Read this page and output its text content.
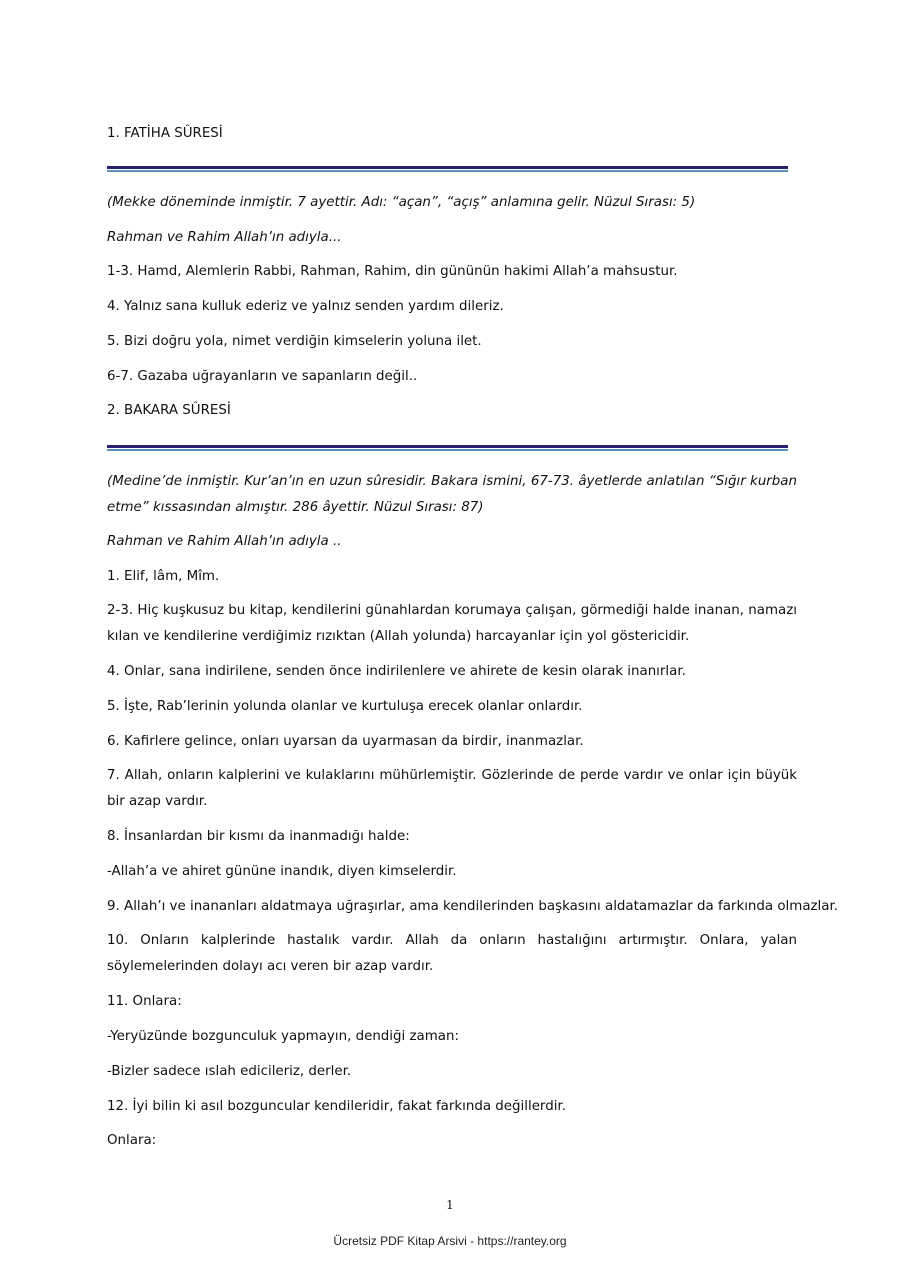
1. FATİHA SÛRESİ
(Mekke döneminde inmiştir. 7 ayettir. Adı: “açan”, “açış” anlamına gelir. Nüzul Sırası: 5)
Rahman ve Rahim Allah’ın adıyla...
1-3. Hamd, Alemlerin Rabbi, Rahman, Rahim, din gününün hakimi Allah’a mahsustur.
4. Yalnız sana kulluk ederiz ve yalnız senden yardım dileriz.
5. Bizi doğru yola, nimet verdiğin kimselerin yoluna ilet.
6-7. Gazaba uğrayanların ve sapanların değil..
2. BAKARA SÛRESİ
(Medine’de inmiştir. Kur’an’ın en uzun sûresidir. Bakara ismini, 67-73. âyetlerde anlatılan “Sığır kurban etme” kıssasından almıştır. 286 âyettir. Nüzul Sırası: 87)
Rahman ve Rahim Allah’ın adıyla ..
1. Elif, lâm, Mîm.
2-3. Hiç kuşkusuz bu kitap, kendilerini günahlardan korumaya çalışan, görmediği halde inanan, namazı kılan ve kendilerine verdiğimiz rızıktan (Allah yolunda) harcayanlar için yol göstericidir.
4. Onlar, sana indirilene, senden önce indirilenlere ve ahirete de kesin olarak inanırlar.
5. İşte, Rab’lerinin yolunda olanlar ve kurtuluşa erecek olanlar onlardır.
6. Kafirlere gelince, onları uyarsan da uyarmasan da birdir, inanmazlar.
7. Allah, onların kalplerini ve kulaklarını mühürlemiştir. Gözlerinde de perde vardır ve onlar için büyük bir azap vardır.
8. İnsanlardan bir kısmı da inanmadığı halde:
-Allah’a ve ahiret gününe inandık, diyen kimselerdir.
9. Allah’ı ve inananları aldatmaya uğraşırlar, ama kendilerinden başkasını aldatamazlar da farkında olmazlar.
10. Onların kalplerinde hastalık vardır. Allah da onların hastalığını artırmıştır. Onlara, yalan söylemelerinden dolayı acı veren bir azap vardır.
11. Onlara:
-Yeryüzünde bozgunculuk yapmayın, dendiği zaman:
-Bizler sadece ıslah edicileriz, derler.
12. İyi bilin ki asıl bozguncular kendileridir, fakat farkında değillerdir.
Onlara:
1
Ücretsiz PDF Kitap Arsivi - https://rantey.org
